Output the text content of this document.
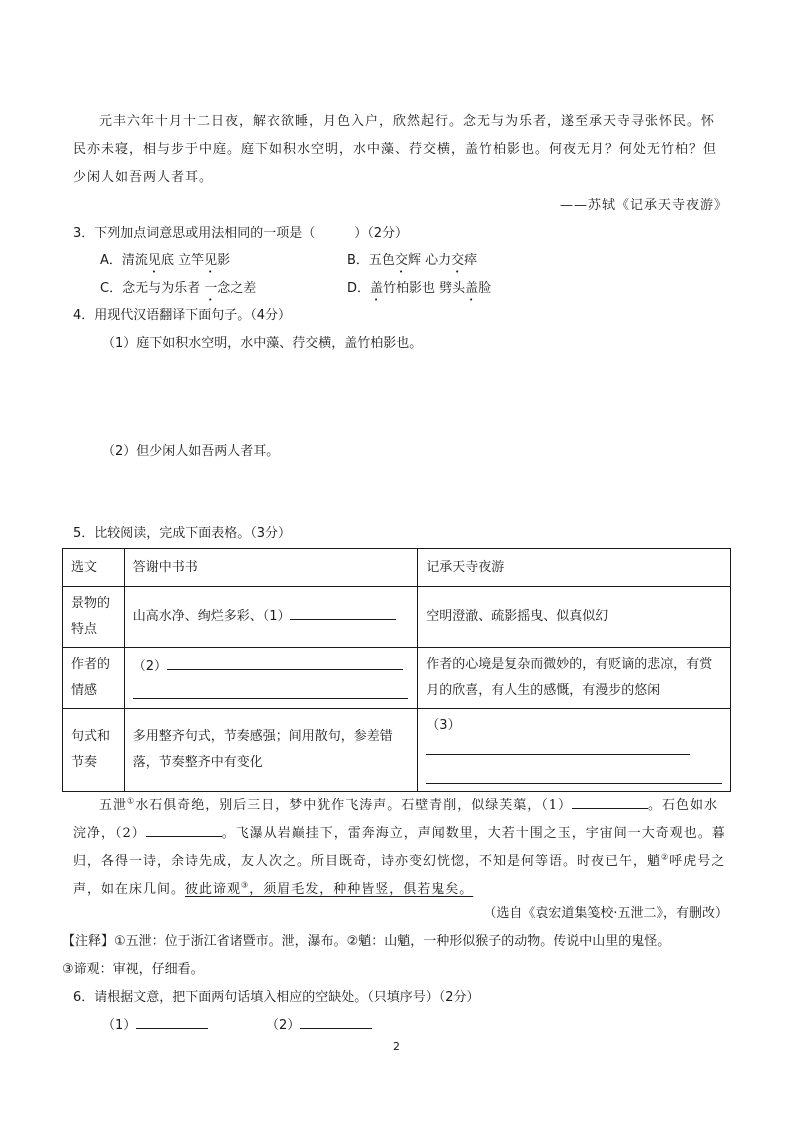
元丰六年十月十二日夜，解衣欲睡，月色入户，欣然起行。念无与为乐者，遂至承天寺寻张怀民。怀
民亦未寝，相与步于中庭。庭下如积水空明，水中藻、荇交横，盖竹柏影也。何夜无月？何处无竹柏？但
少闲人如吾两人者耳。
——苏轼《记承天寺夜游》
3．下列加点词意思或用法相同的一项是（　　　）（2分）
A．清流见底 立竿见影	B．五色交辉 心力交瘁
C．念无与为乐者 一念之差	D．盖竹柏影也 劈头盖脸
4．用现代汉语翻译下面句子。（4分）
（1）庭下如积水空明，水中藻、荇交横，盖竹柏影也。
（2）但少闲人如吾两人者耳。
5．比较阅读，完成下面表格。（3分）
选文	答谢中书书	记承天寺夜游
景物的特点	山高水净、绚烂多彩、（1）	空明澄澈、疏影摇曳、似真似幻
作者的情感	（2）	作者的心境是复杂而微妙的，有贬谪的悲凉，有赏月的欣喜，有人生的感慨，有漫步的悠闲
句式和节奏	多用整齐句式，节奏感强；间用散句，参差错落，节奏整齐中有变化	（3）
五泄①水石俱奇绝，别后三日，梦中犹作飞涛声。石壁青削，似绿芙蕖，（1）	。石色如水
浣净，（2）	。飞瀑从岩巅挂下，雷奔海立，声闻数里，大若十围之玉，宇宙间一大奇观也。暮
归，各得一诗，余诗先成，友人次之。所目既奇，诗亦变幻恍惚，不知是何等语。时夜已午，魈②呼虎号之
声，如在床几间。彼此谛观③，须眉毛发，种种皆竖，俱若鬼矣。
（选自《袁宏道集笺校·五泄二》，有删改）
【注释】①五泄：位于浙江省诸暨市。泄，瀑布。②魈：山魈，一种形似猴子的动物。传说中山里的鬼怪。
③谛观：审视，仔细看。
6．请根据文意，把下面两句话填入相应的空缺处。（只填序号）（2分）
（1）	（2）
2
